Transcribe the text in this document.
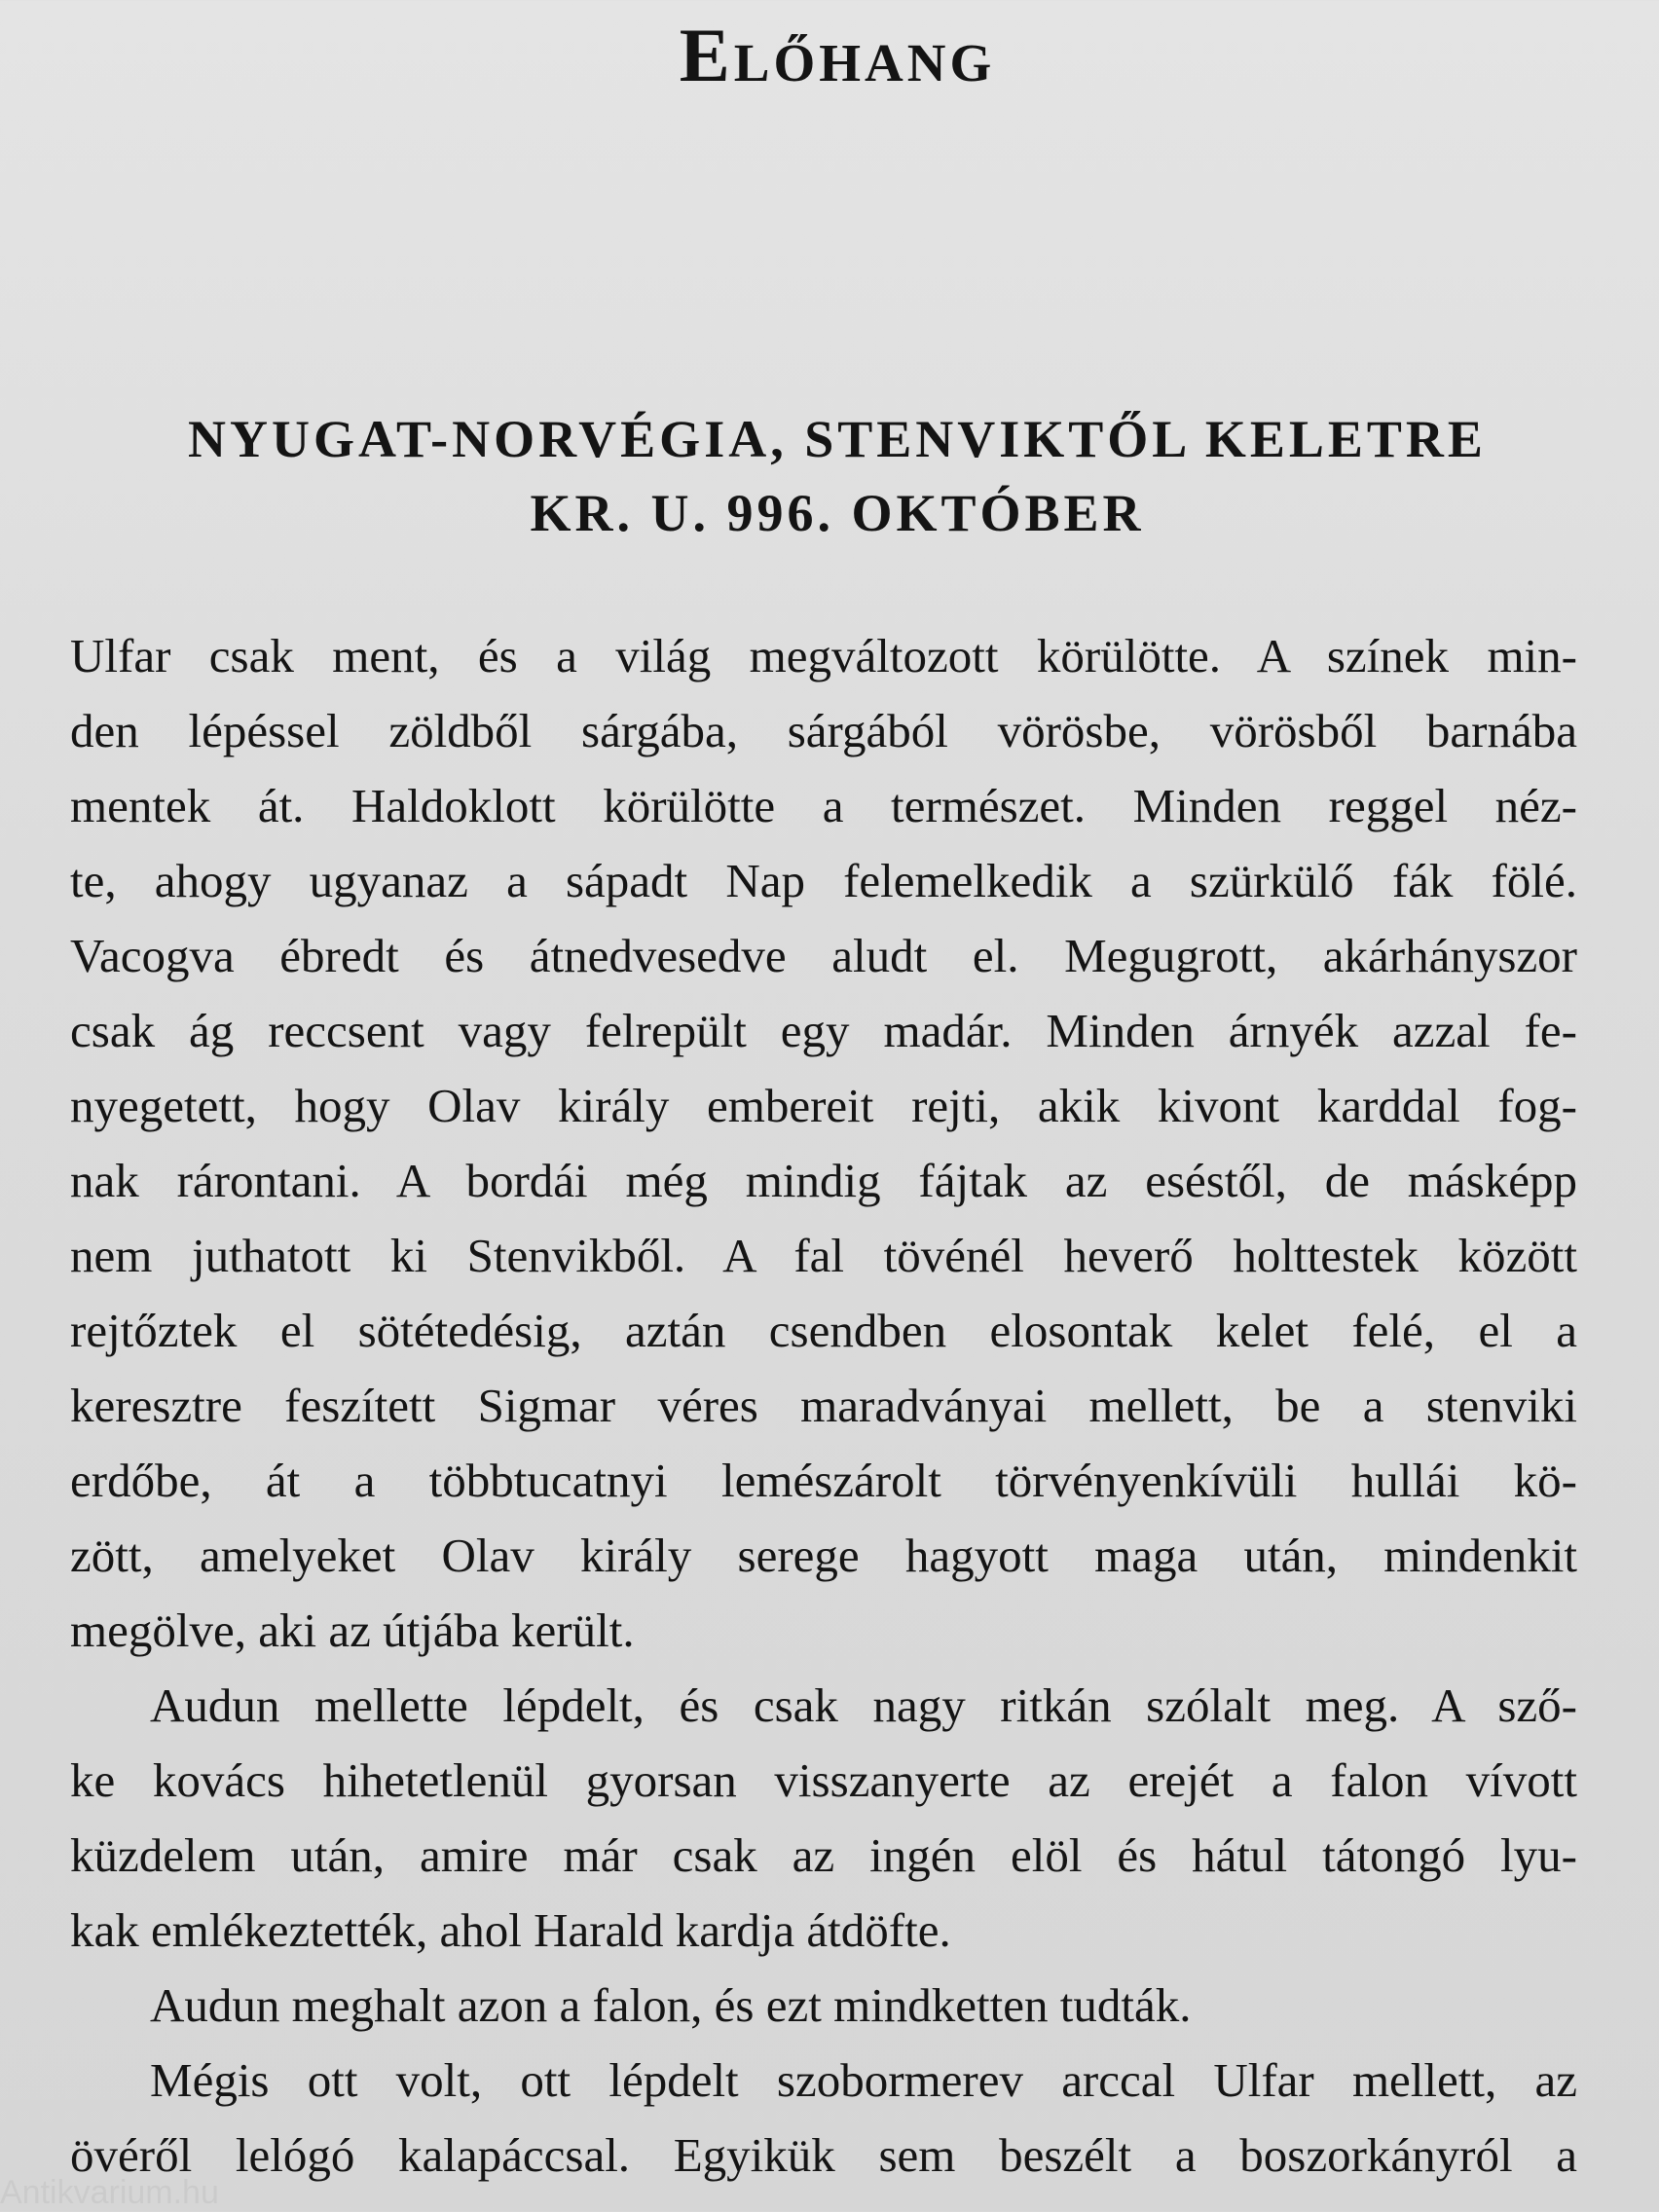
Előhang
NYUGAT-NORVÉGIA, STENVIKTŐL KELETRE
KR. U. 996. OKTÓBER
Ulfar csak ment, és a világ megváltozott körülötte. A színek min-
den lépéssel zöldből sárgába, sárgából vörösbe, vörösből barnába
mentek át. Haldoklott körülötte a természet. Minden reggel néz-
te, ahogy ugyanaz a sápadt Nap felemelkedik a szürkülő fák fölé.
Vacogva ébredt és átnedvesedve aludt el. Megugrott, akárhányszor
csak ág reccsent vagy felrepült egy madár. Minden árnyék azzal fe-
nyegetett, hogy Olav király embereit rejti, akik kivont karddal fog-
nak rárontani. A bordái még mindig fájtak az eséstől, de másképp
nem juthatott ki Stenvikből. A fal tövénél heverő holttestek között
rejtőztek el sötétedésig, aztán csendben elosontak kelet felé, el a
keresztre feszített Sigmar véres maradványai mellett, be a stenviki
erdőbe, át a többtucatnyi lemészárolt törvényenkívüli hullái kö-
zött, amelyeket Olav király serege hagyott maga után, mindenkit
megölve, aki az útjába került.
Audun mellette lépdelt, és csak nagy ritkán szólalt meg. A sző-
ke kovács hihetetlenül gyorsan visszanyerte az erejét a falon vívott
küzdelem után, amire már csak az ingén elöl és hátul tátongó lyu-
kak emlékeztették, ahol Harald kardja átdöfte.
Audun meghalt azon a falon, és ezt mindketten tudták.
Mégis ott volt, ott lépdelt szobormerev arccal Ulfar mellett, az
övéről lelógó kalapáccsal. Egyikük sem beszélt a boszorkányról a
Antikvarium.hu
